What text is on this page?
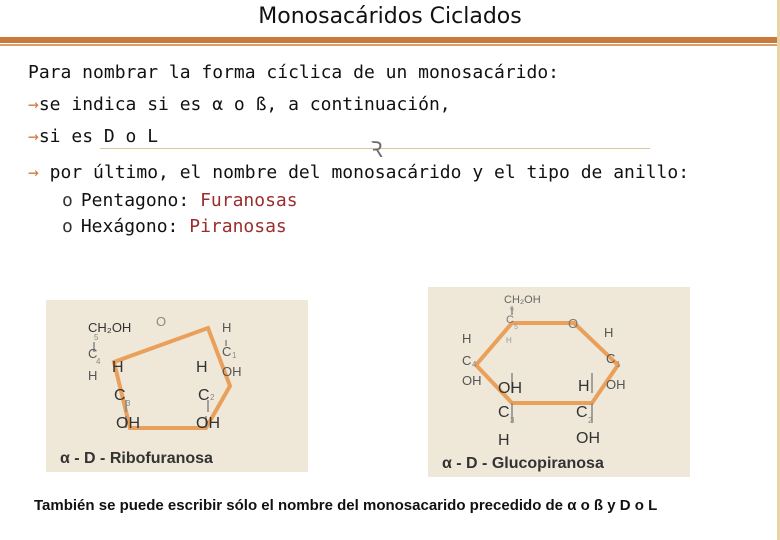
Monosacáridos Ciclados
Para nombrar la forma cíclica de un monosacárido:
→se indica si es α o ß, a continuación,
→si es D o L
Ꝛ
→ por último, el nombre del monosacárido y el tipo de anillo:
o Pentagono: Furanosas
o Hexágono: Piranosas
CH₂OH
5
O	H
C
4
C 1
H H	H OH
C 3	C 2
OH	OH
α - D - Ribofuranosa
CH₂OH
6
C
5
H
O
H
C 4
OH OH
H
C 1
OH
H
C 3	C 2
H	OH
α - D - Glucopiranosa
También se puede escribir sólo el nombre del monosacarido precedido de α o ß y D o L
